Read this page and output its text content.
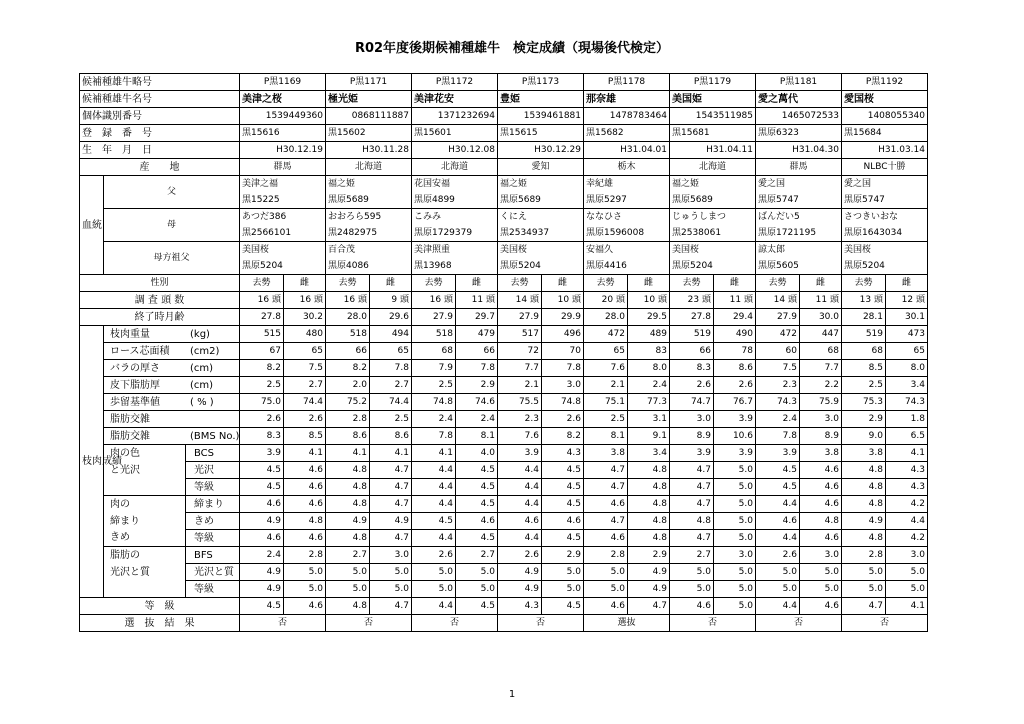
R02年度後期候補種雄牛　検定成績（現場後代検定）
候補種雄牛略号			P黒1169		P黒1171		P黒1172		P黒1173		P黒1178		P黒1179		P黒1181		P黒1192	
候補種雄牛名号			美津之桜		極光姫		美津花安		豊姫		那奈雄		美国姫		愛之萬代		愛国桜	
個体識別番号			1539449360		0868111887		1371232694		1539461881		1478783464		1543511985		1465072533		1408055340	
登　録　番　号			黒15616		黒15602		黒15601		黒15615		黒15682		黒15681		黒原6323		黒15684	
生　年　月　日			H30.12.19		H30.11.28		H30.12.08		H30.12.29		H31.04.01		H31.04.11		H31.04.30		H31.03.14	
産　　地			群馬		北海道		北海道		愛知		栃木		北海道		群馬		NLBC十勝	
血統	父		美津之福		福之姫		花国安福		福之姫		幸紀雄		福之姫		愛之国		愛之国	
			黒15225		黒原5689		黒原4899		黒原5689		黒原5297		黒原5689		黒原5747		黒原5747	
	母		あつだ386		おおろら595		こみみ		くにえ		ななひさ		じゅうしまつ		ばんだい5		さつきいおな	
			黒2566101		黒2482975		黒原1729379		黒2534937		黒原1596008		黒2538061		黒原1721195		黒原1643034	
	母方祖父		美国桜		百合茂		美津照重		美国桜		安福久		美国桜		諒太郎		美国桜	
			黒原5204		黒原4086		黒13968		黒原5204		黒原4416		黒原5204		黒原5605		黒原5204	
性別			去勢	雌	去勢	雌	去勢	雌	去勢	雌	去勢	雌	去勢	雌	去勢	雌	去勢	雌
調 査 頭 数			16 頭	16 頭	16 頭	9 頭	16 頭	11 頭	14 頭	10 頭	20 頭	10 頭	23 頭	11 頭	14 頭	11 頭	13 頭	12 頭
終了時月齢			27.8	30.2	28.0	29.6	27.9	29.7	27.9	29.9	28.0	29.5	27.8	29.4	27.9	30.0	28.1	30.1
枝肉成績	枝肉重量 (kg)		515	480	518	494	518	479	517	496	472	489	519	490	472	447	519	473
	ロース芯面積 (cm2)		67	65	66	65	68	66	72	70	65	83	66	78	60	68	68	65
	バラの厚さ (cm)		8.2	7.5	8.2	7.8	7.9	7.8	7.7	7.8	7.6	8.0	8.3	8.6	7.5	7.7	8.5	8.0
	皮下脂肪厚 (cm)		2.5	2.7	2.0	2.7	2.5	2.9	2.1	3.0	2.1	2.4	2.6	2.6	2.3	2.2	2.5	3.4
	歩留基準値 ( % )		75.0	74.4	75.2	74.4	74.8	74.6	75.5	74.8	75.1	77.3	74.7	76.7	74.3	75.9	75.3	74.3
	脂肪交雑		2.6	2.6	2.8	2.5	2.4	2.4	2.3	2.6	2.5	3.1	3.0	3.9	2.4	3.0	2.9	1.8
	脂肪交雑 (BMS No.)		8.3	8.5	8.6	8.6	7.8	8.1	7.6	8.2	8.1	9.1	8.9	10.6	7.8	8.9	9.0	6.5
	肉の色	BCS	3.9	4.1	4.1	4.1	4.1	4.0	3.9	4.3	3.8	3.4	3.9	3.9	3.9	3.8	3.8	4.1
	と光沢	光沢	4.5	4.6	4.8	4.7	4.4	4.5	4.4	4.5	4.7	4.8	4.7	5.0	4.5	4.6	4.8	4.3
		等級	4.5	4.6	4.8	4.7	4.4	4.5	4.4	4.5	4.7	4.8	4.7	5.0	4.5	4.6	4.8	4.3
	肉の	締まり	4.6	4.6	4.8	4.7	4.4	4.5	4.4	4.5	4.6	4.8	4.7	5.0	4.4	4.6	4.8	4.2
	締まり	きめ	4.9	4.8	4.9	4.9	4.5	4.6	4.6	4.6	4.7	4.8	4.8	5.0	4.6	4.8	4.9	4.4
	きめ	等級	4.6	4.6	4.8	4.7	4.4	4.5	4.4	4.5	4.6	4.8	4.7	5.0	4.4	4.6	4.8	4.2
	脂肪の	BFS	2.4	2.8	2.7	3.0	2.6	2.7	2.6	2.9	2.8	2.9	2.7	3.0	2.6	3.0	2.8	3.0
	光沢と質	光沢と質	4.9	5.0	5.0	5.0	5.0	5.0	4.9	5.0	5.0	4.9	5.0	5.0	5.0	5.0	5.0	5.0
		等級	4.9	5.0	5.0	5.0	5.0	5.0	4.9	5.0	5.0	4.9	5.0	5.0	5.0	5.0	5.0	5.0
等　級			4.5	4.6	4.8	4.7	4.4	4.5	4.3	4.5	4.6	4.7	4.6	5.0	4.4	4.6	4.7	4.1
選　抜　結　果			否		否		否		否		選抜		否		否		否	
1
